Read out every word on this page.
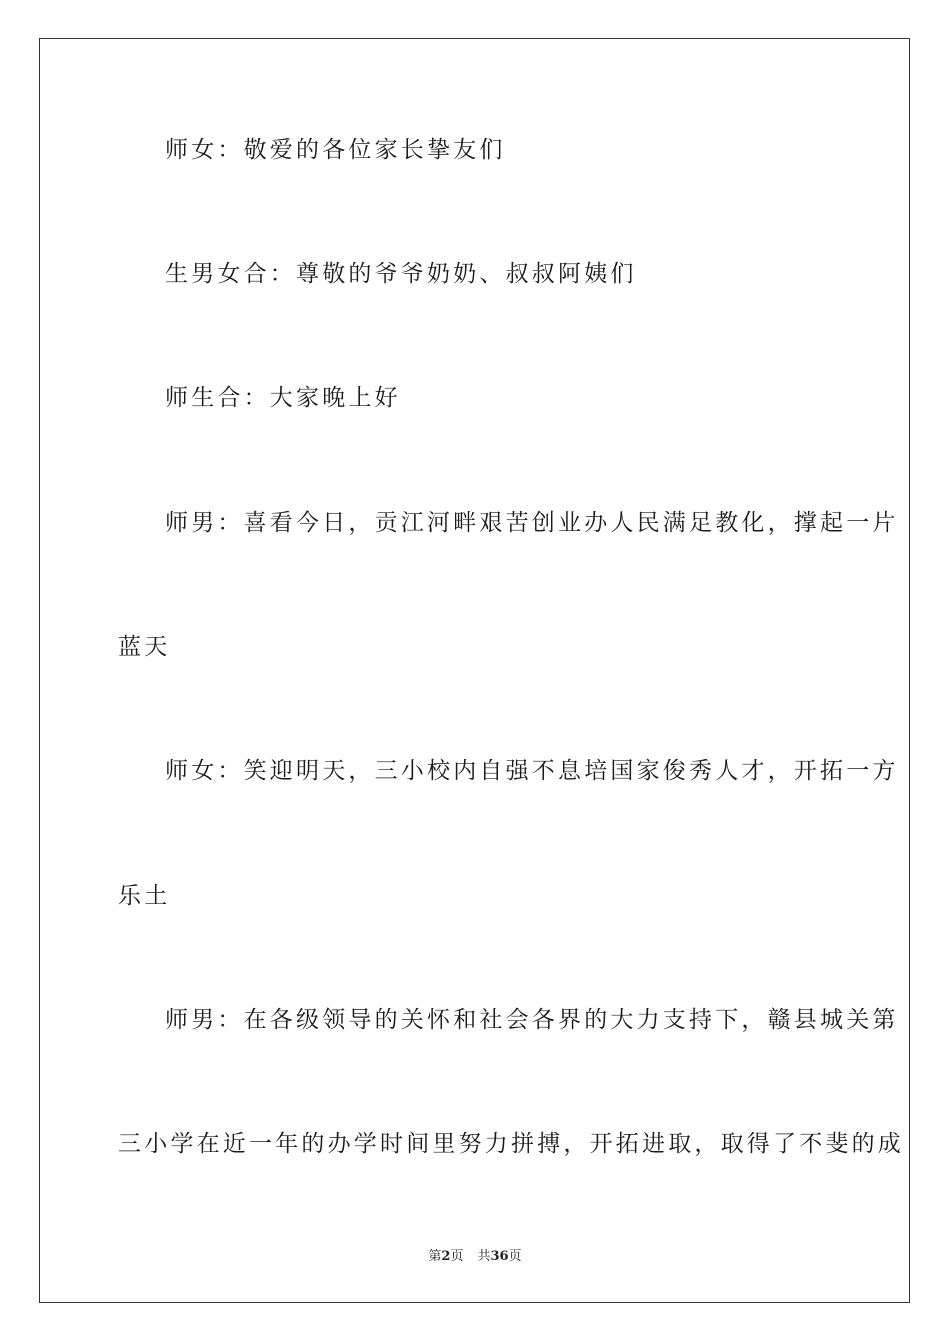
师女：敬爱的各位家长挚友们
生男女合：尊敬的爷爷奶奶、叔叔阿姨们
师生合：大家晚上好
师男：喜看今日，贡江河畔艰苦创业办人民满足教化，撑起一片
蓝天
师女：笑迎明天，三小校内自强不息培国家俊秀人才，开拓一方
乐土
师男：在各级领导的关怀和社会各界的大力支持下，赣县城关第
三小学在近一年的办学时间里努力拼搏，开拓进取，取得了不斐的成
第2页 共36页
